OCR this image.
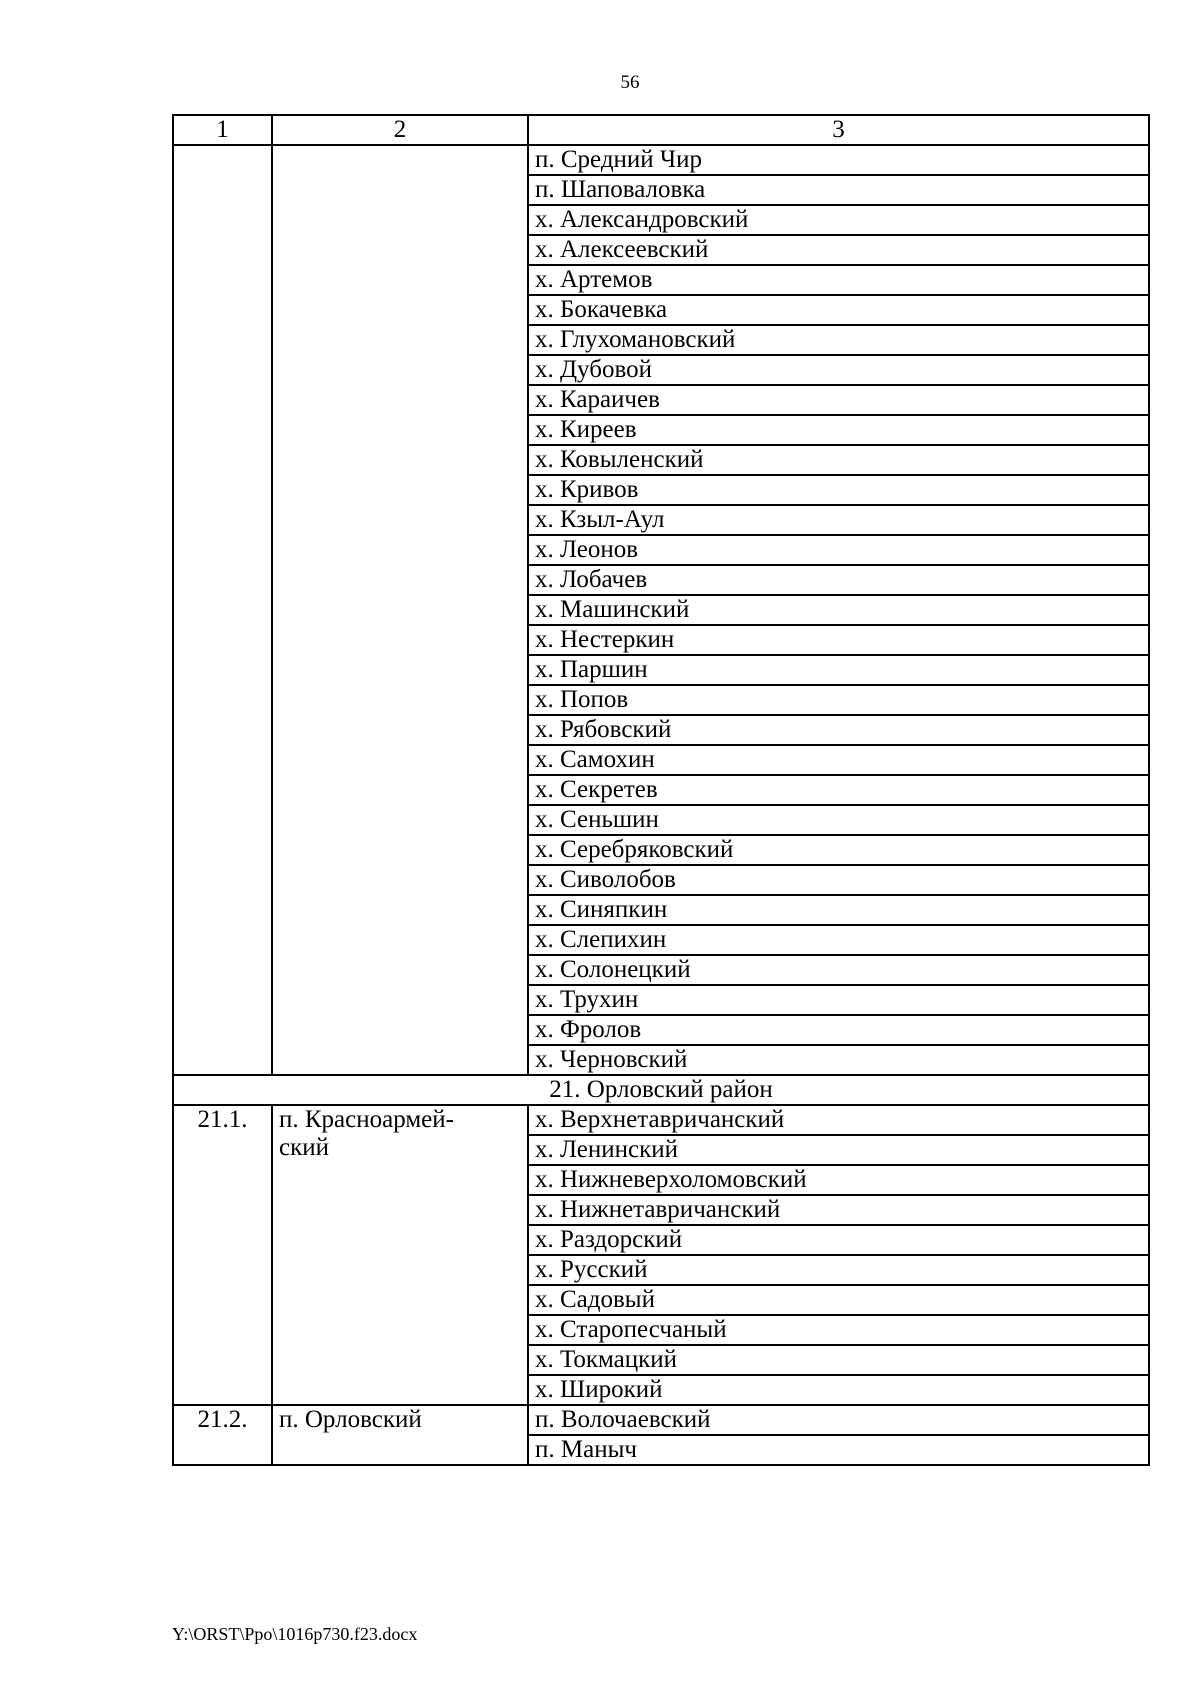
56
1	2	3
		п. Средний Чир
		п. Шаповаловка
		х. Александровский
		х. Алексеевский
		х. Артемов
		х. Бокачевка
		х. Глухомановский
		х. Дубовой
		х. Караичев
		х. Киреев
		х. Ковыленский
		х. Кривов
		х. Кзыл-Аул
		х. Леонов
		х. Лобачев
		х. Машинский
		х. Нестеркин
		х. Паршин
		х. Попов
		х. Рябовский
		х. Самохин
		х. Секретев
		х. Сеньшин
		х. Серебряковский
		х. Сиволобов
		х. Синяпкин
		х. Слепихин
		х. Солонецкий
		х. Трухин
		х. Фролов
		х. Черновский
21. Орловский район		
21.1.	п. Красноармей-
ский	х. Верхнетавричанский
		х. Ленинский
		х. Нижневерхоломовский
		х. Нижнетавричанский
		х. Раздорский
		х. Русский
		х. Садовый
		х. Старопесчаный
		х. Токмацкий
		х. Широкий
21.2.	п. Орловский	п. Волочаевский
		п. Маныч
Y:\ORST\Ppo\1016p730.f23.docx
